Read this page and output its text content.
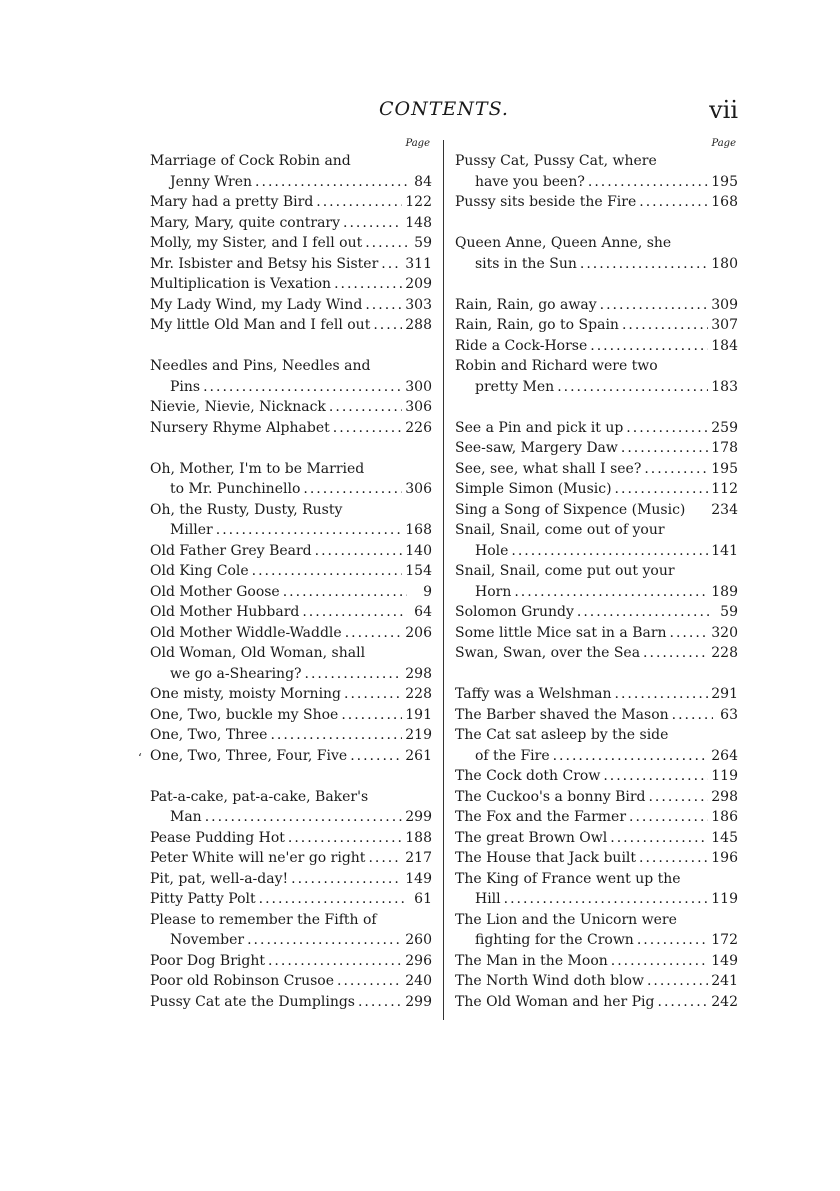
CONTENTS.	vii
Page
Marriage of Cock Robin and
Jenny Wren .....	84
Mary had a pretty Bird .....	122
Mary, Mary, quite contrary .....	148
Molly, my Sister, and I fell out .....	59
Mr. Isbister and Betsy his Sister ..... 311
Multiplication is Vexation .....	209
My Lady Wind, my Lady Wind .....	303
My little Old Man and I fell out ..... 288
Needles and Pins, Needles and
Pins .....	300
Nievie, Nievie, Nicknack .....	306
Nursery Rhyme Alphabet .....	226
Oh, Mother, I'm to be Married
to Mr. Punchinello .....	306
Oh, the Rusty, Dusty, Rusty
Miller .....	168
Old Father Grey Beard .....	140
Old King Cole .....	154
Old Mother Goose .....	9
Old Mother Hubbard .....	64
Old Mother Widdle-Waddle .....	206
Old Woman, Old Woman, shall
we go a-Shearing? .....	298
One misty, moisty Morning .....	228
One, Two, buckle my Shoe .....	191
One, Two, Three .....	219
One, Two, Three, Four, Five .....	261
Pat-a-cake, pat-a-cake, Baker's
Man .....	299
Pease Pudding Hot .....	188
Peter White will ne'er go right .....	217
Pit, pat, well-a-day! .....	149
Pitty Patty Polt .....	61
Please to remember the Fifth of
November .....	260
Poor Dog Bright .....	296
Poor old Robinson Crusoe .....	240
Pussy Cat ate the Dumplings .....	299
Page
Pussy Cat, Pussy Cat, where
have you been? .....	195
Pussy sits beside the Fire .....	168
Queen Anne, Queen Anne, she
sits in the Sun .....	180
Rain, Rain, go away .....	309
Rain, Rain, go to Spain .....	307
Ride a Cock-Horse .....	184
Robin and Richard were two
pretty Men .....	183
See a Pin and pick it up .....	259
See-saw, Margery Daw .....	178
See, see, what shall I see? .....	195
Simple Simon (Music) .....	112
Sing a Song of Sixpence (Music) 234
Snail, Snail, come out of your
Hole .....	141
Snail, Snail, come put out your
Horn .....	189
Solomon Grundy .....	59
Some little Mice sat in a Barn .....	320
Swan, Swan, over the Sea .....	228
Taffy was a Welshman .....	291
The Barber shaved the Mason .....	63
The Cat sat asleep by the side
of the Fire .....	264
The Cock doth Crow .....	119
The Cuckoo's a bonny Bird .....	298
The Fox and the Farmer .....	186
The great Brown Owl .....	145
The House that Jack built .....	196
The King of France went up the
Hill .....	119
The Lion and the Unicorn were
fighting for the Crown .....	172
The Man in the Moon .....	149
The North Wind doth blow .....	241
The Old Woman and her Pig .....	242
‘
